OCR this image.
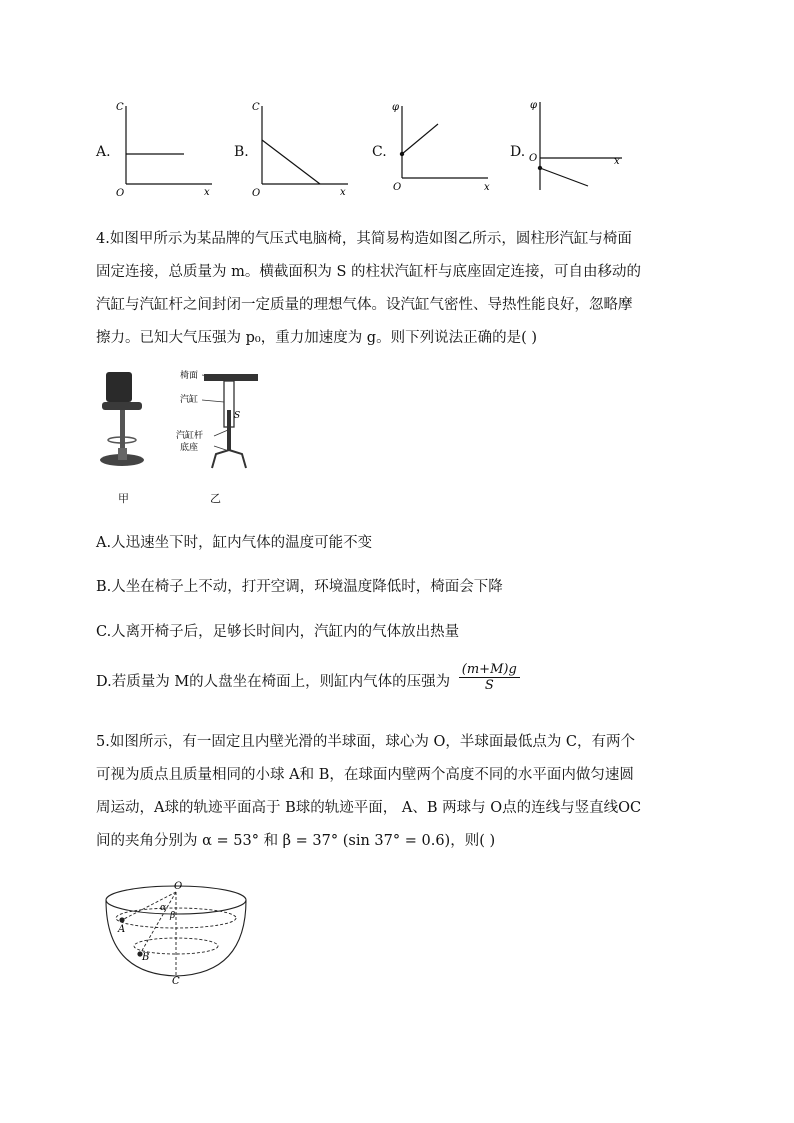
A.
C
O	x
B.
C
O	x
C.
φ
O	x
D.
φ
O	x
4.如图甲所示为某品牌的气压式电脑椅，其简易构造如图乙所示，圆柱形汽缸与椅面
固定连接，总质量为 m。横截面积为 S 的柱状汽缸杆与底座固定连接，可自由移动的
汽缸与汽缸杆之间封闭一定质量的理想气体。设汽缸气密性、导热性能良好，忽略摩
擦力。已知大气压强为 p₀，重力加速度为 g。则下列说法正确的是( )
甲
椅面
汽缸
S
汽缸杆
底座
乙
A.人迅速坐下时，缸内气体的温度可能不变
B.人坐在椅子上不动，打开空调，环境温度降低时，椅面会下降
C.人离开椅子后，足够长时间内，汽缸内的气体放出热量
D.若质量为 M的人盘坐在椅面上，则缸内气体的压强为 $\frac{(m+M)g}{S}$
5.如图所示，有一固定且内壁光滑的半球面，球心为 O，半球面最低点为 C，有两个
可视为质点且质量相同的小球 A和 B，在球面内壁两个高度不同的水平面内做匀速圆
周运动，A球的轨迹平面高于 B球的轨迹平面， A、B 两球与 O点的连线与竖直线OC
间的夹角分别为 α = 53° 和 β = 37° (sin 37° = 0.6)，则( )
O
A
B
C
α
β
